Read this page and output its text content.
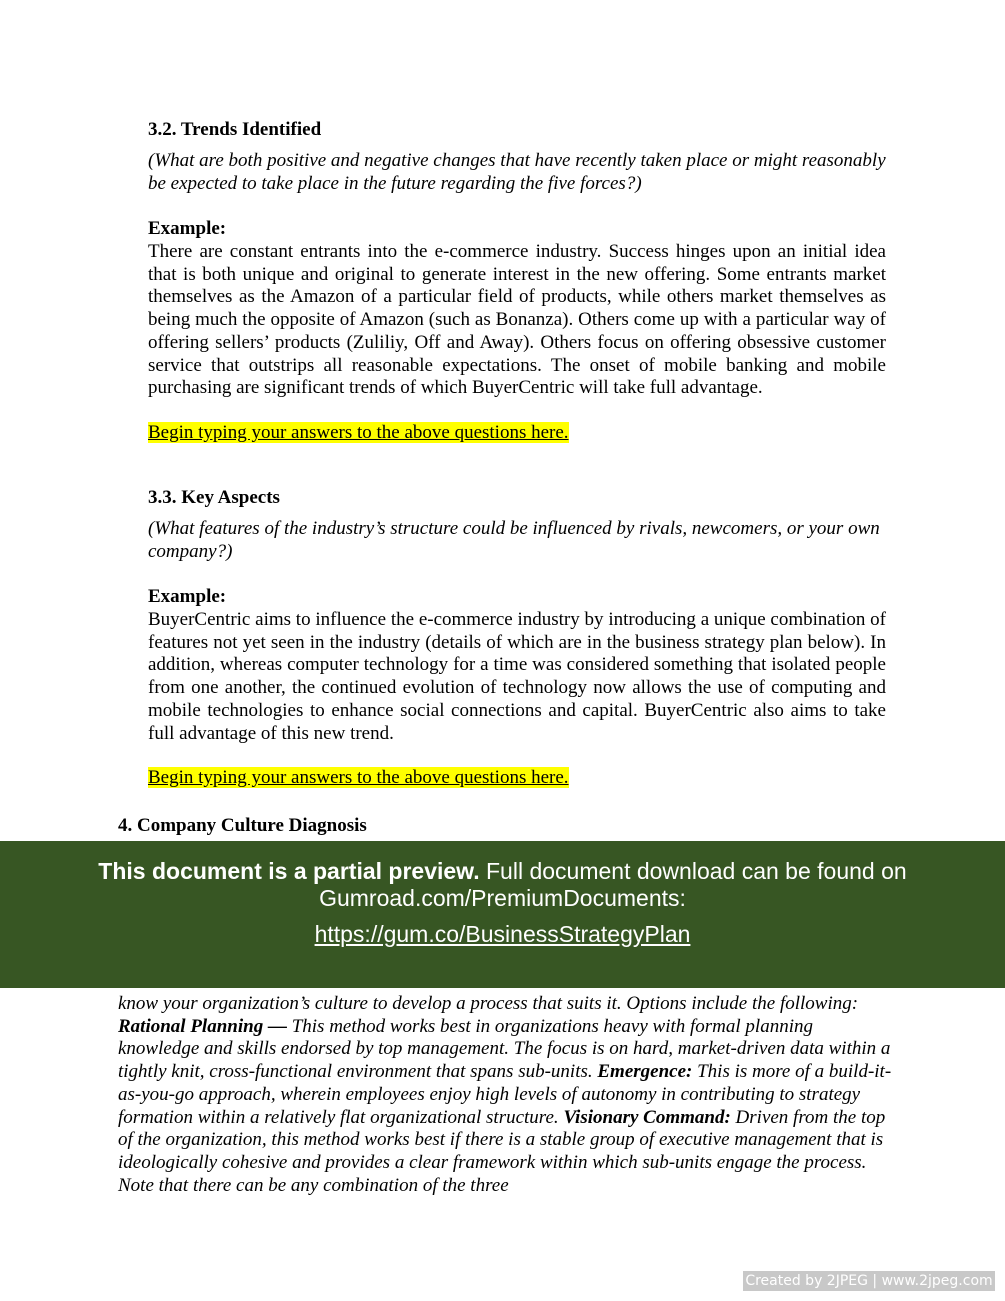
3.2. Trends Identified

(What are both positive and negative changes that have recently taken place or might reasonably be expected to take place in the future regarding the five forces?)

Example:

There are constant entrants into the e-commerce industry. Success hinges upon an initial idea that is both unique and original to generate interest in the new offering. Some entrants market themselves as the Amazon of a particular field of products, while others market themselves as being much the opposite of Amazon (such as Bonanza). Others come up with a particular way of offering sellers’ products (Zuliliy, Off and Away). Others focus on offering obsessive customer service that outstrips all reasonable expectations. The onset of mobile banking and mobile purchasing are significant trends of which BuyerCentric will take full advantage.

Begin typing your answers to the above questions here.

3.3. Key Aspects

(What features of the industry’s structure could be influenced by rivals, newcomers, or your own company?)

Example:

BuyerCentric aims to influence the e-commerce industry by introducing a unique combination of features not yet seen in the industry (details of which are in the business strategy plan below). In addition, whereas computer technology for a time was considered something that isolated people from one another, the continued evolution of technology now allows the use of computing and mobile technologies to enhance social connections and capital. BuyerCentric also aims to take full advantage of this new trend.

Begin typing your answers to the above questions here.

4. Company Culture Diagnosis

know your organization’s culture to develop a process that suits it. Options include the following: Rational Planning — This method works best in organizations heavy with formal planning knowledge and skills endorsed by top management. The focus is on hard, market-driven data within a tightly knit, cross-functional environment that spans sub-units. Emergence: This is more of a build-it-as-you-go approach, wherein employees enjoy high levels of autonomy in contributing to strategy formation within a relatively flat organizational structure. Visionary Command: Driven from the top of the organization, this method works best if there is a stable group of executive management that is ideologically cohesive and provides a clear framework within which sub-units engage the process. Note that there can be any combination of the three

This document is a partial preview. Full document download can be found on
Gumroad.com/PremiumDocuments:
https://gum.co/BusinessStrategyPlan
Created by 2JPEG | www.2jpeg.com
